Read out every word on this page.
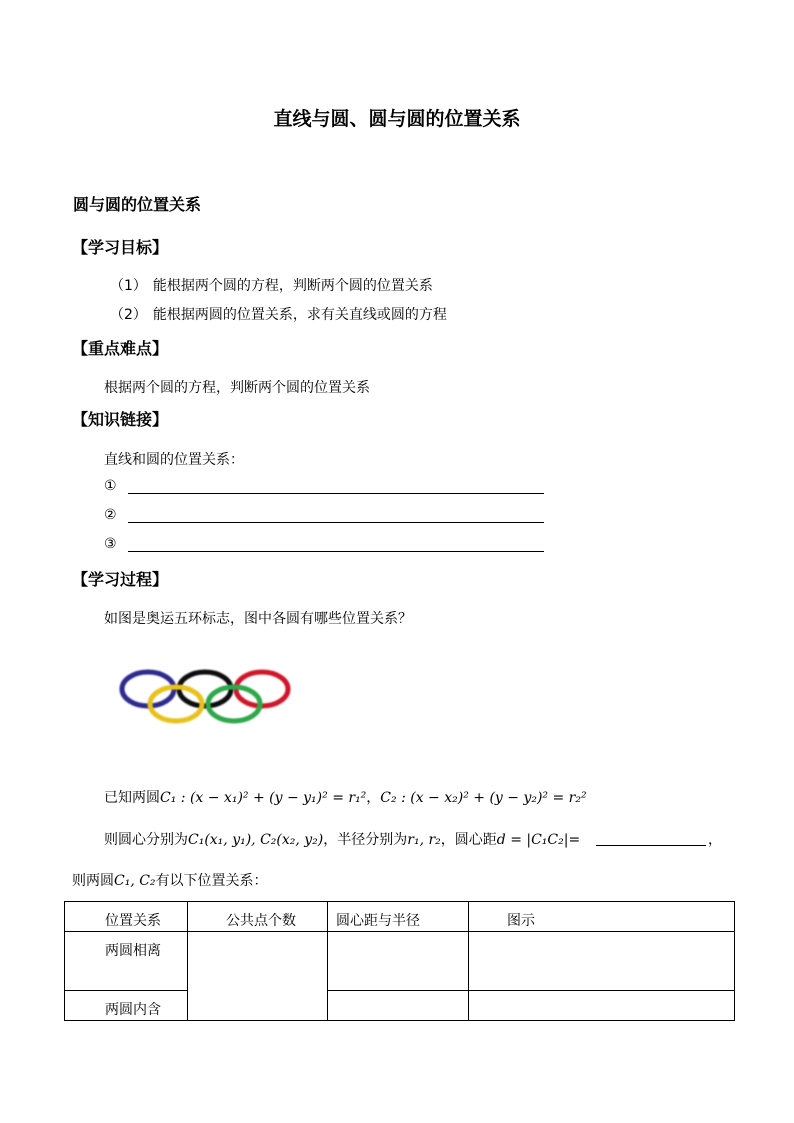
直线与圆、圆与圆的位置关系
圆与圆的位置关系
【学习目标】
（1） 能根据两个圆的方程，判断两个圆的位置关系
（2） 能根据两圆的位置关系，求有关直线或圆的方程
【重点难点】
根据两个圆的方程，判断两个圆的位置关系
【知识链接】
直线和圆的位置关系：
①
②
③
【学习过程】
如图是奥运五环标志，图中各圆有哪些位置关系？
已知两圆C₁ : (x − x₁)² + (y − y₁)² = r₁²，C₂ : (x − x₂)² + (y − y₂)² = r₂²
则圆心分别为C₁(x₁, y₁), C₂(x₂, y₂)，半径分别为r₁, r₂，圆心距d = |C₁C₂|=	，
则两圆C₁, C₂有以下位置关系：
位置关系	公共点个数	圆心距与半径	图示

两圆相离			

两圆内含			
